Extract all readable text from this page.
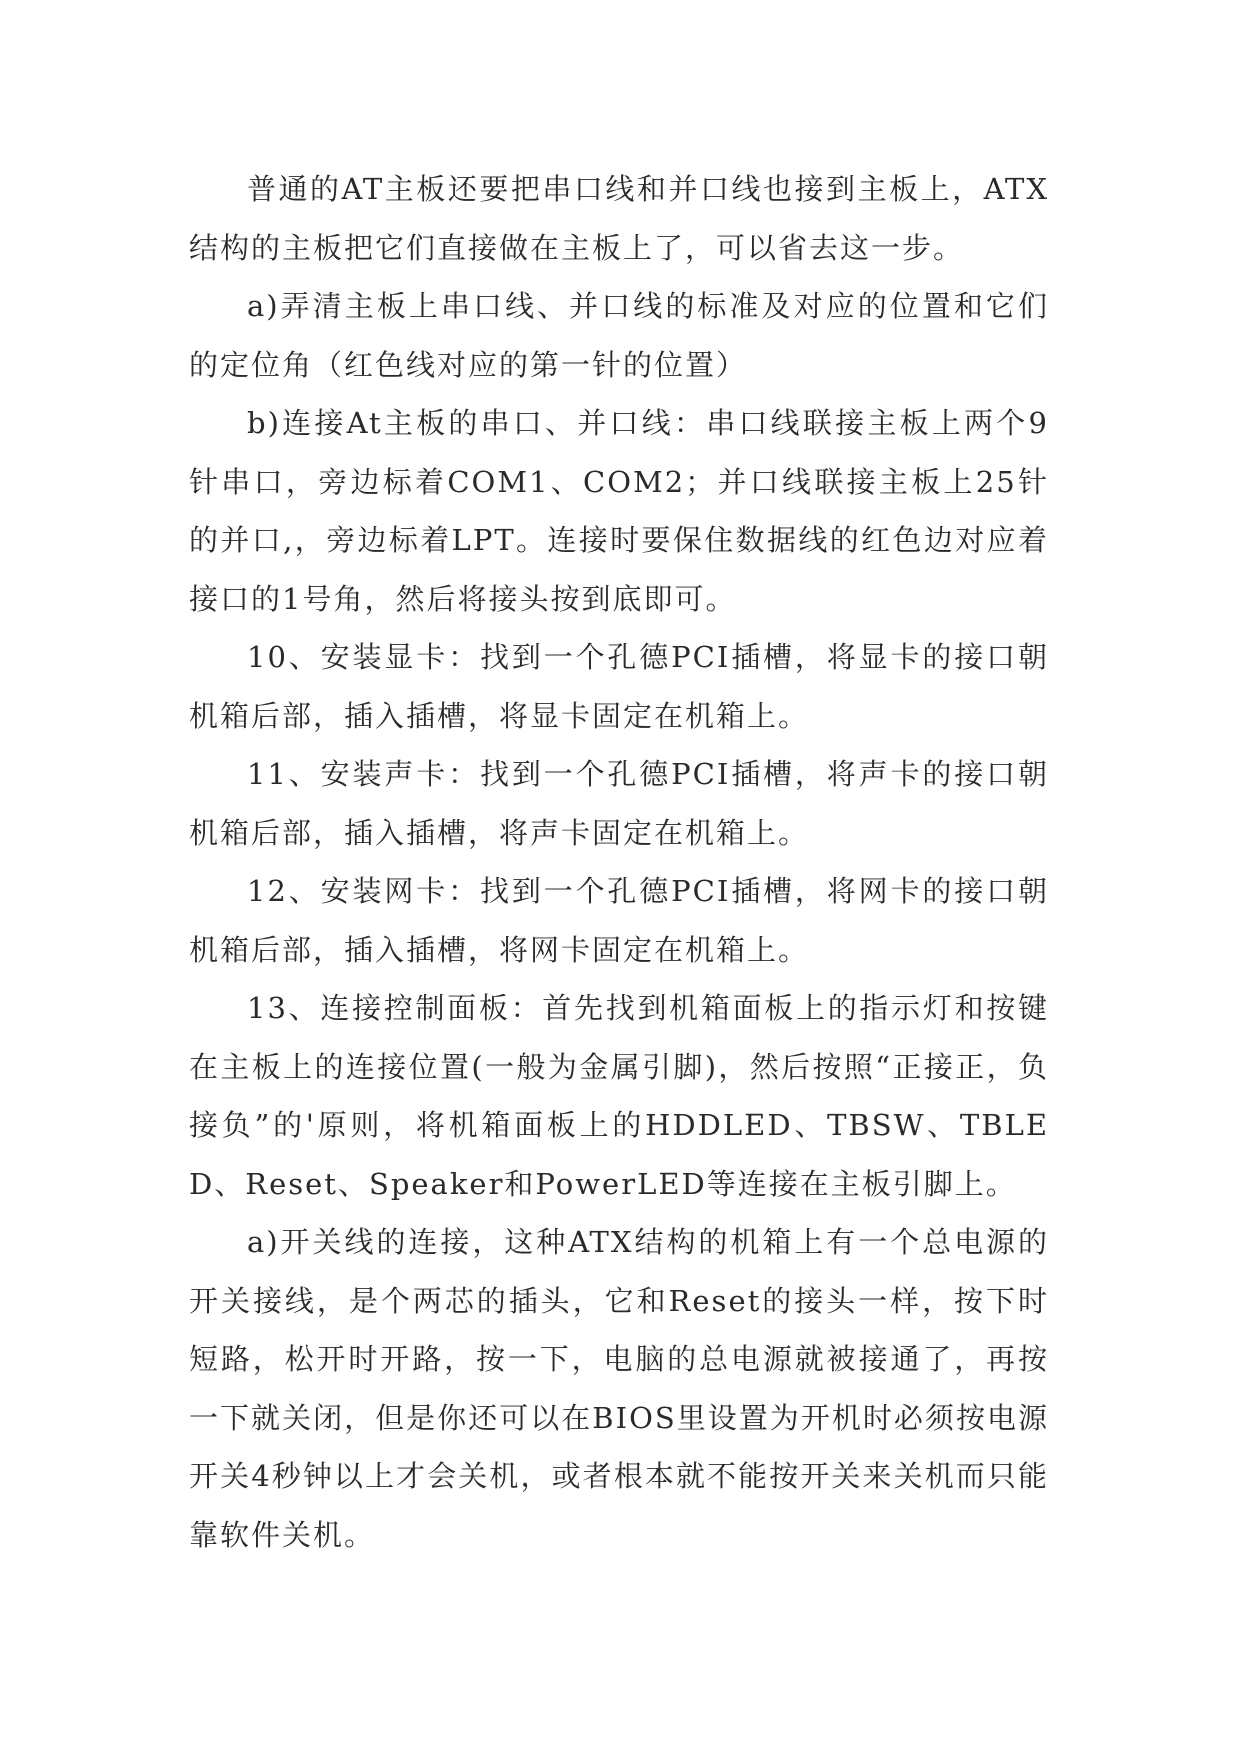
普通的AT主板还要把串口线和并口线也接到主板上，ATX结构的主板把它们直接做在主板上了，可以省去这一步。

a)弄清主板上串口线、并口线的标准及对应的位置和它们的定位角（红色线对应的第一针的位置）

b)连接At主板的串口、并口线：串口线联接主板上两个9针串口，旁边标着COM1、COM2；并口线联接主板上25针的并口,，旁边标着LPT。连接时要保住数据线的红色边对应着接口的1号角，然后将接头按到底即可。

10、安装显卡：找到一个孔德PCI插槽，将显卡的接口朝机箱后部，插入插槽，将显卡固定在机箱上。

11、安装声卡：找到一个孔德PCI插槽，将声卡的接口朝机箱后部，插入插槽，将声卡固定在机箱上。

12、安装网卡：找到一个孔德PCI插槽，将网卡的接口朝机箱后部，插入插槽，将网卡固定在机箱上。

13、连接控制面板：首先找到机箱面板上的指示灯和按键在主板上的连接位置(一般为金属引脚)，然后按照“正接正，负接负”的'原则，将机箱面板上的HDDLED、TBSW、TBLED、Reset、Speaker和PowerLED等连接在主板引脚上。

a)开关线的连接，这种ATX结构的机箱上有一个总电源的开关接线，是个两芯的插头，它和Reset的接头一样，按下时短路，松开时开路，按一下，电脑的总电源就被接通了，再按一下就关闭，但是你还可以在BIOS里设置为开机时必须按电源开关4秒钟以上才会关机，或者根本就不能按开关来关机而只能靠软件关机。
